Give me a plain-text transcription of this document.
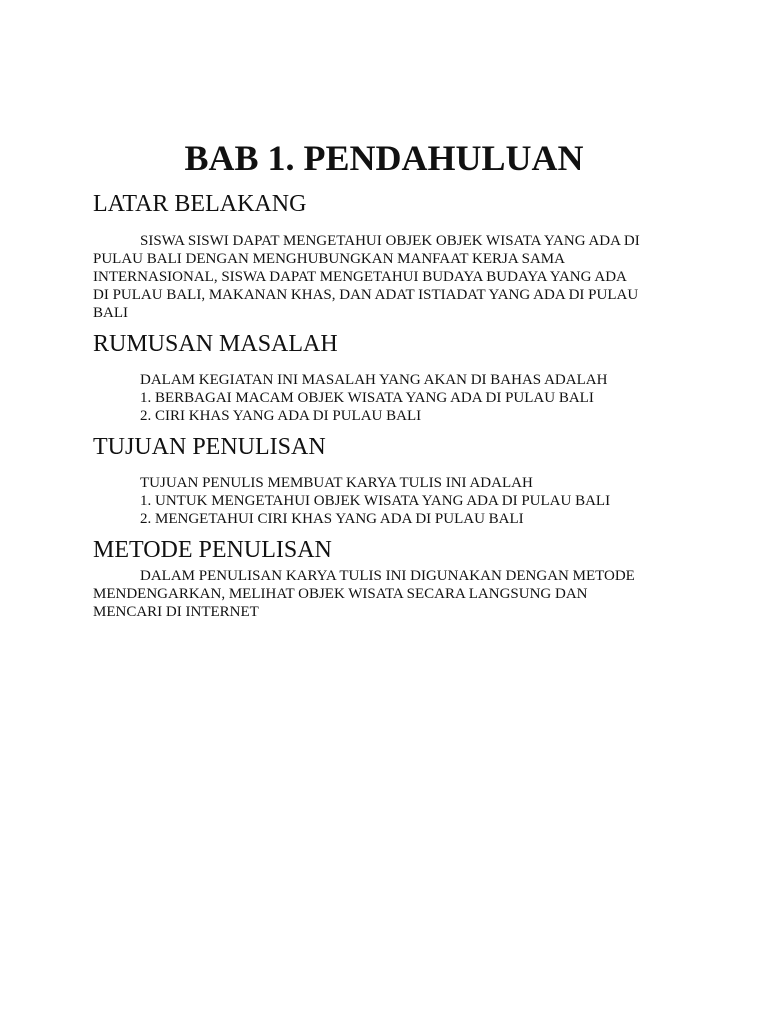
BAB 1. PENDAHULUAN
LATAR BELAKANG
SISWA SISWI DAPAT MENGETAHUI OBJEK OBJEK WISATA YANG ADA DI
PULAU BALI DENGAN MENGHUBUNGKAN MANFAAT KERJA SAMA
INTERNASIONAL, SISWA DAPAT MENGETAHUI BUDAYA BUDAYA YANG ADA
DI PULAU BALI, MAKANAN KHAS, DAN ADAT ISTIADAT YANG ADA DI PULAU
BALI
RUMUSAN MASALAH
DALAM KEGIATAN INI MASALAH YANG AKAN DI BAHAS ADALAH
1. BERBAGAI MACAM OBJEK WISATA YANG ADA DI PULAU BALI
2. CIRI KHAS YANG ADA DI PULAU BALI
TUJUAN PENULISAN
TUJUAN PENULIS MEMBUAT KARYA TULIS INI ADALAH
1. UNTUK MENGETAHUI OBJEK WISATA YANG ADA DI PULAU BALI
2. MENGETAHUI CIRI KHAS YANG ADA DI PULAU BALI
METODE PENULISAN
DALAM PENULISAN KARYA TULIS INI DIGUNAKAN DENGAN METODE
MENDENGARKAN, MELIHAT OBJEK WISATA SECARA LANGSUNG DAN
MENCARI DI INTERNET
